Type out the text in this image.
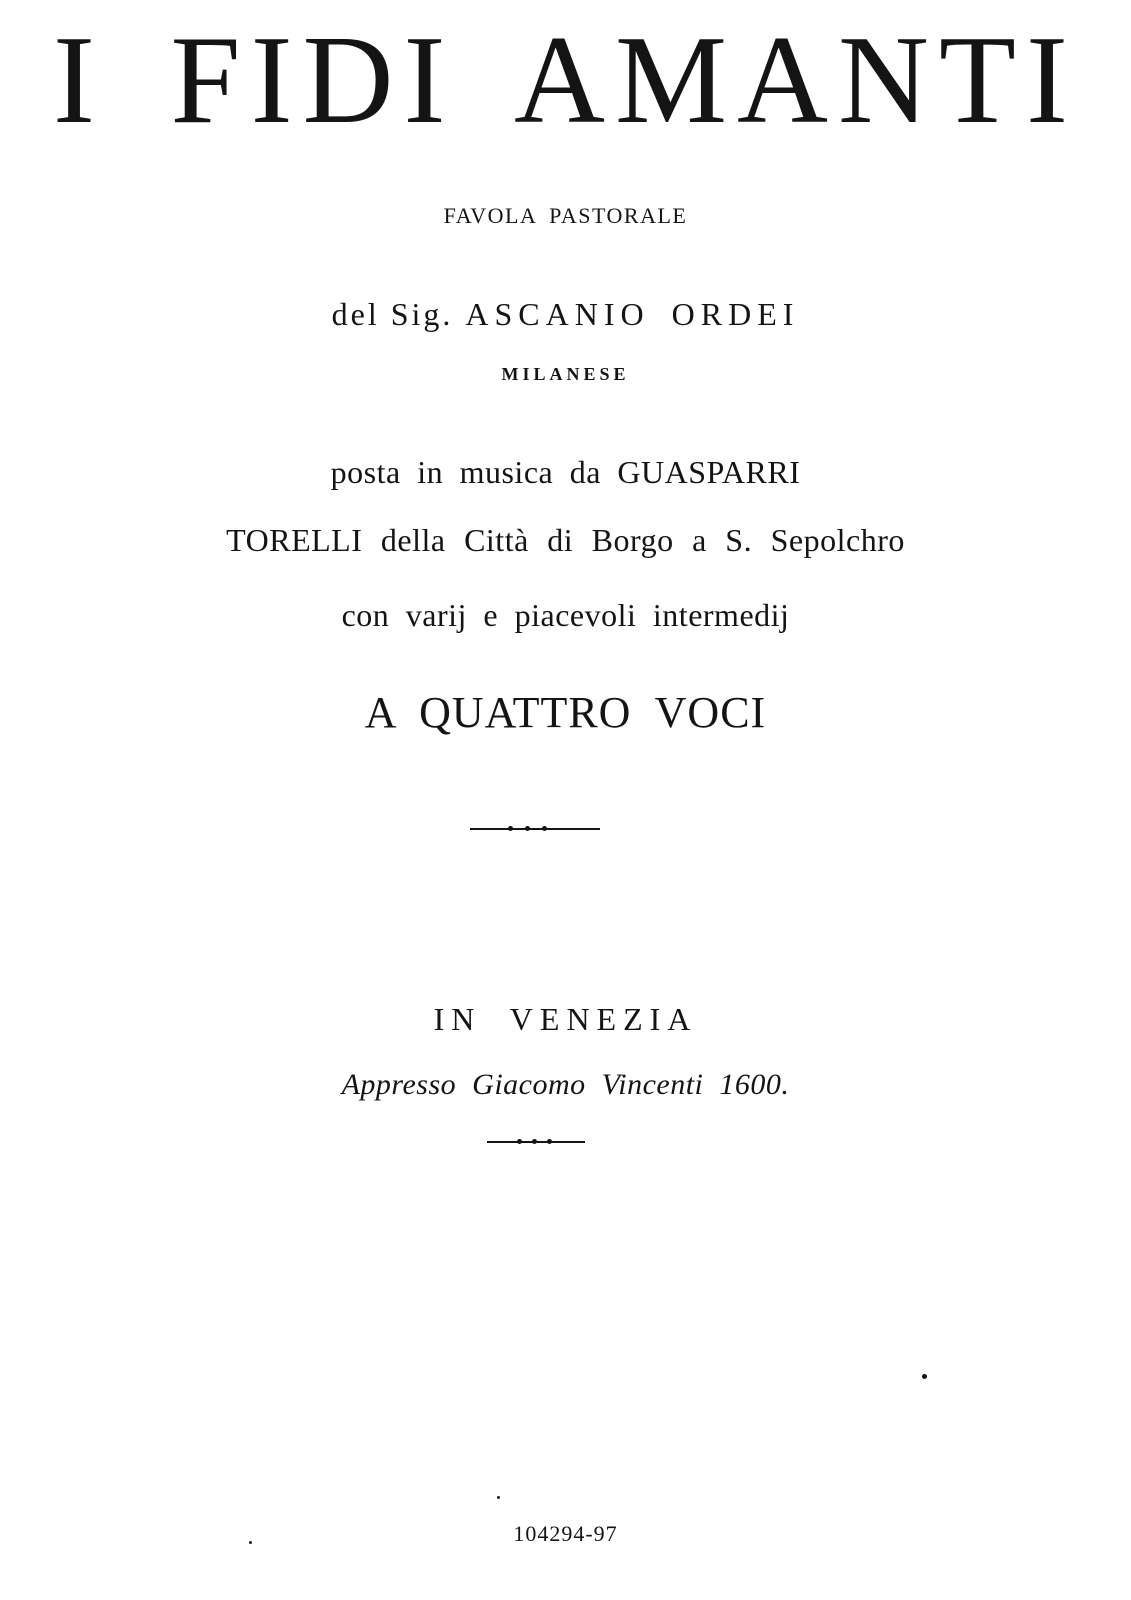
I FIDI AMANTI
FAVOLA PASTORALE
del Sig. ASCANIO ORDEI
MILANESE
posta in musica da GUASPARRI
TORELLI della Città di Borgo a S. Sepolchro
con varij e piacevoli intermedij
A QUATTRO VOCI
IN VENEZIA
Appresso Giacomo Vincenti 1600.
104294-97
